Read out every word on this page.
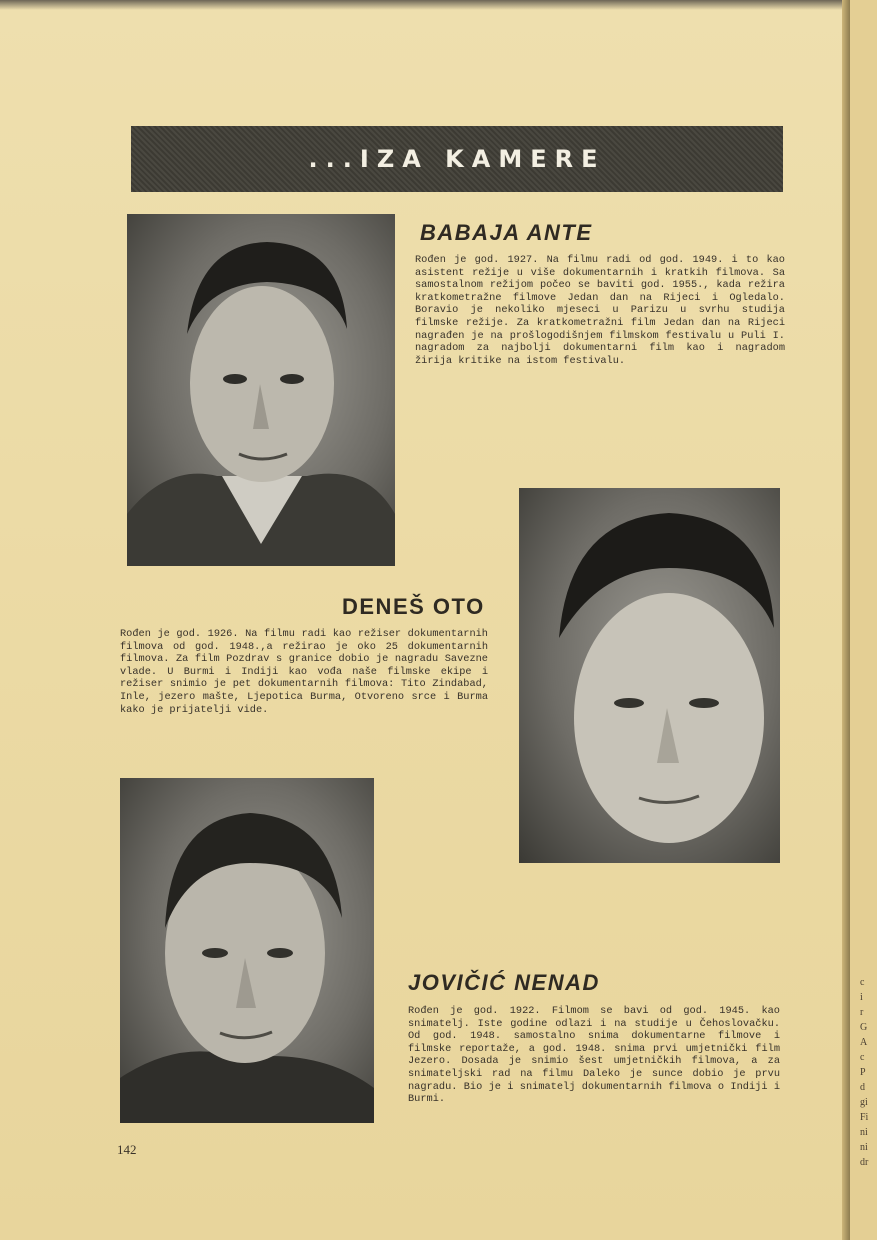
c
i
r
G
A
c
P
d
gi
Fi
ni
ni
dr
...IZA KAMERE
BABAJA ANTE

Rođen je god. 1927. Na filmu radi od god. 1949. i to kao asistent režije u više dokumentarnih i kratkih filmova. Sa samostalnom režijom počeo se baviti god. 1955., kada režira kratkometražne filmove Jedan dan na Rijeci i Ogledalo. Boravio je nekoliko mjeseci u Parizu u svrhu studija filmske režije. Za kratkometražni film Jedan dan na Rijeci nagrađen je na prošlogodišnjem filmskom festivalu u Puli I. nagradom za najbolji dokumentarni film kao i nagradom žirija kritike na istom festivalu.

DENEŠ OTO

Rođen je god. 1926. Na filmu radi kao režiser dokumentarnih filmova od god. 1948.,a režirao je oko 25 dokumentarnih filmova. Za film Pozdrav s granice dobio je nagradu Savezne vlade. U Burmi i Indiji kao vođa naše filmske ekipe i režiser snimio je pet dokumentarnih filmova: Tito Zindabad, Inle, jezero mašte, Ljepotica Burma, Otvoreno srce i Burma kako je prijatelji vide.

JOVIČIĆ NENAD

Rođen je god. 1922. Filmom se bavi od god. 1945. kao snimatelj. Iste godine odlazi i na studije u Čehoslovačku. Od god. 1948. samostalno snima dokumentarne filmove i filmske reportaže, a god. 1948. snima prvi umjetnički film Jezero. Dosada je snimio šest umjetničkih filmova, a za snimateljski rad na filmu Daleko je sunce dobio je prvu nagradu. Bio je i snimatelj dokumentarnih filmova o Indiji i Burmi.

142
